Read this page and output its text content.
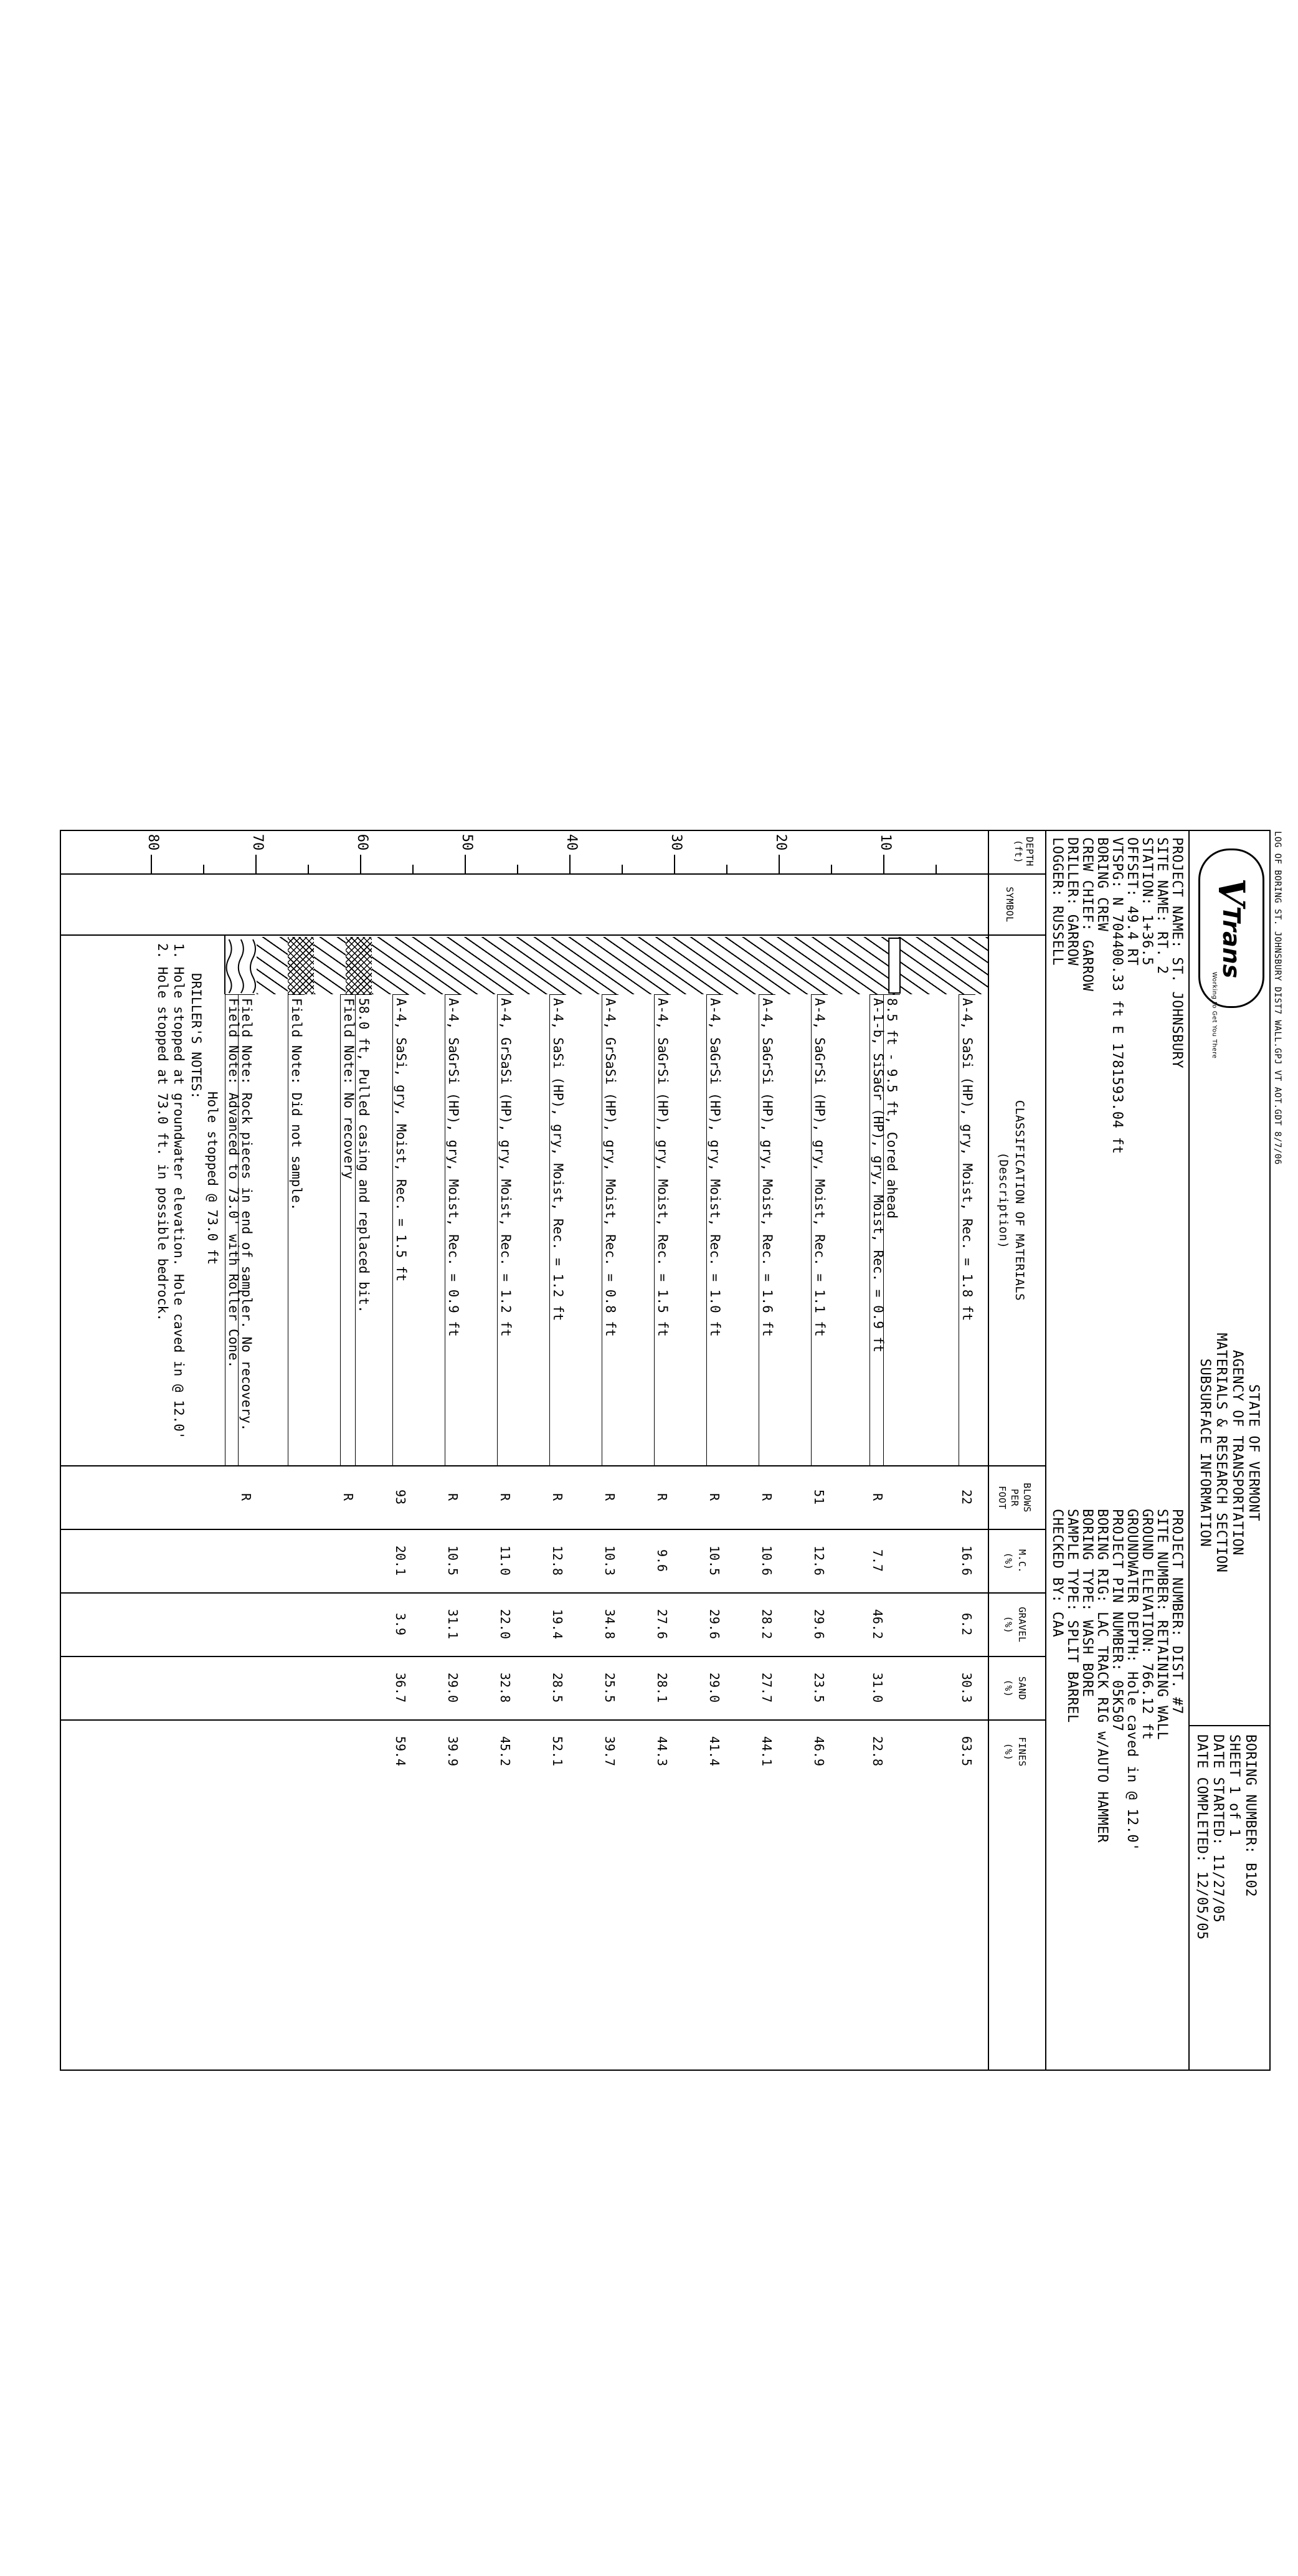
LOG OF BORING ST. JOHNSBURY DIST7 WALL.GPJ VT AOT.GDT 8/7/06
V
Trans
Working to Get You There
STATE OF VERMONT
AGENCY OF TRANSPORTATION
MATERIALS & RESEARCH SECTION
SUBSURFACE INFORMATION
BORING NUMBER: B102
SHEET 1 of 1
DATE STARTED: 11/27/05
DATE COMPLETED: 12/05/05
PROJECT NAME: ST. JOHNSBURY
SITE NAME: RT. 2
STATION: 1+36.5
OFFSET: 49.4 RT
VTSPG: N 704400.33 ft E 1781593.04 ft
BORING CREW
CREW CHIEF: GARROW
DRILLER: GARROW
LOGGER: RUSSELL
PROJECT NUMBER: DIST. #7
SITE NUMBER: RETAINING WALL
GROUND ELEVATION: 766.12 ft
GROUNDWATER DEPTH: Hole caved in @ 12.0'
PROJECT PIN NUMBER: 05K507
BORING RIG: LAC TRACK RIG w/AUTO HAMMER
BORING TYPE: WASH BORE
SAMPLE TYPE: SPLIT BARREL
CHECKED BY: CAA
DEPTH (ft)
SYMBOL
CLASSIFICATION OF MATERIALS
(Description)
BLOWS
PER
FOOT
M.C.
(%)
GRAVEL
(%)
SAND
(%)
FINES
(%)
10
20
30
40
50
60
70
80
A-4, SaSi (HP), gry, Moist, Rec. = 1.8 ft
22
16.6
6.2
30.3
63.5
8.5 ft - 9.5 ft, Cored ahead
A-1-b, SiSaGr (HP), gry, Moist, Rec. = 0.9 ft
R
7.7
46.2
31.0
22.8
A-4, SaGrSi (HP), gry, Moist, Rec. = 1.1 ft
51
12.6
29.6
23.5
46.9
A-4, SaGrSi (HP), gry, Moist, Rec. = 1.6 ft
R
10.6
28.2
27.7
44.1
A-4, SaGrSi (HP), gry, Moist, Rec. = 1.0 ft
R
10.5
29.6
29.0
41.4
A-4, SaGrSi (HP), gry, Moist, Rec. = 1.5 ft
R
9.6
27.6
28.1
44.3
A-4, GrSaSi (HP), gry, Moist, Rec. = 0.8 ft
R
10.3
34.8
25.5
39.7
A-4, SaSi (HP), gry, Moist, Rec. = 1.2 ft
R
12.8
19.4
28.5
52.1
A-4, GrSaSi (HP), gry, Moist, Rec. = 1.2 ft
R
11.0
22.0
32.8
45.2
A-4, SaGrSi (HP), gry, Moist, Rec. = 0.9 ft
R
10.5
31.1
29.0
39.9
A-4, SaSi, gry, Moist, Rec. = 1.5 ft
93
20.1
3.9
36.7
59.4
58.0 ft, Pulled casing and replaced bit.
Field Note: No recovery
R
Field Note: Did not sample.
Field Note: Rock pieces in end of sampler. No recovery.
R
Field Note: Advanced to 73.0' with Roller Cone.
Hole stopped @ 73.0 ft
DRILLER'S NOTES:
1. Hole stopped at groundwater elevation. Hole caved in @ 12.0'
2. Hole stopped at 73.0 ft. in possible bedrock.
